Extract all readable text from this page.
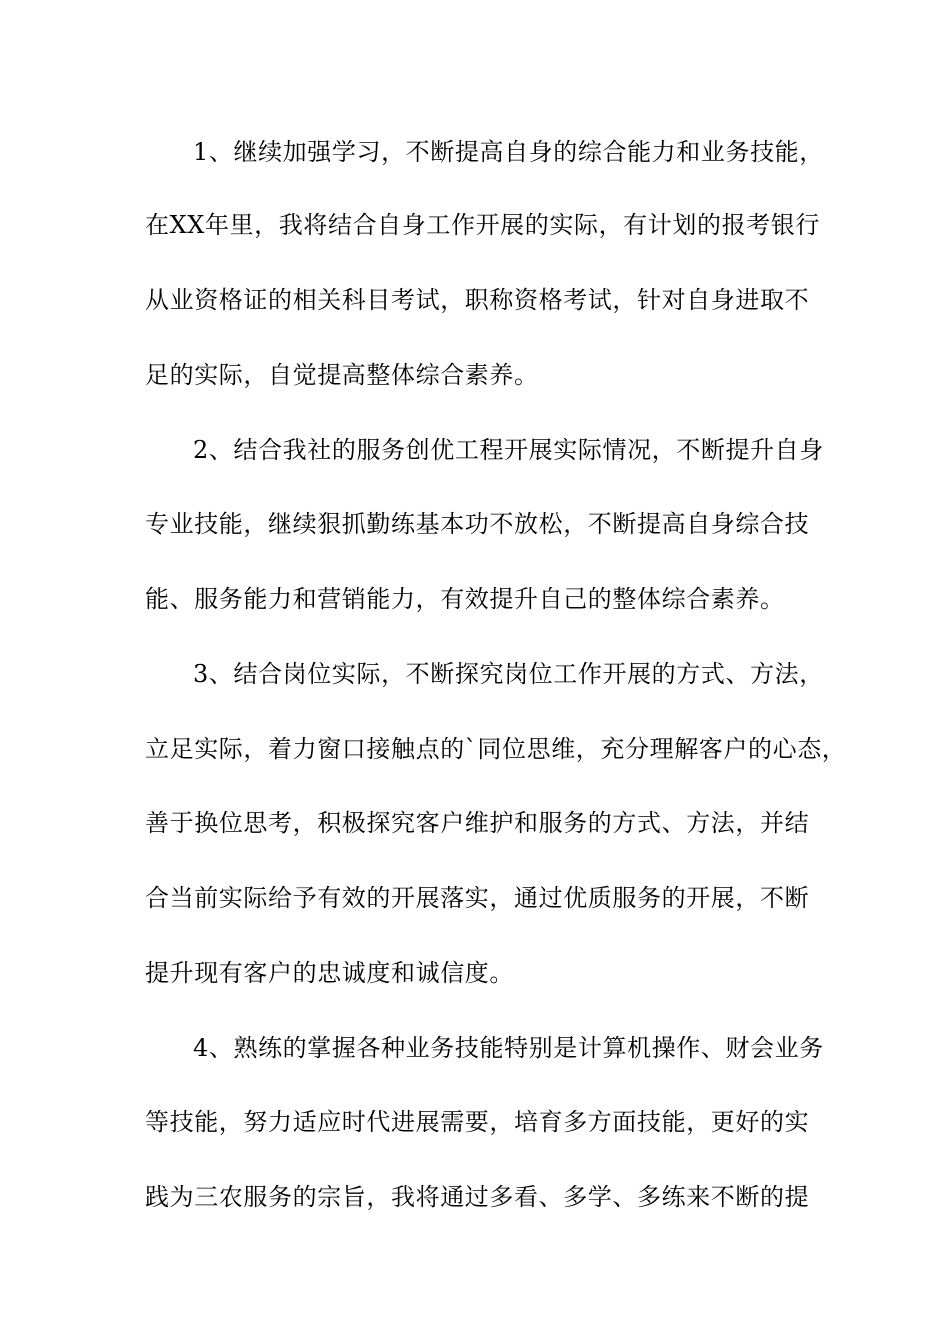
1、继续加强学习，不断提高自身的综合能力和业务技能，
在XX年里，我将结合自身工作开展的实际，有计划的报考银行
从业资格证的相关科目考试，职称资格考试，针对自身进取不
足的实际，自觉提高整体综合素养。
2、结合我社的服务创优工程开展实际情况，不断提升自身
专业技能，继续狠抓勤练基本功不放松，不断提高自身综合技
能、服务能力和营销能力，有效提升自己的整体综合素养。
3、结合岗位实际，不断探究岗位工作开展的方式、方法，
立足实际，着力窗口接触点的`同位思维，充分理解客户的心态，
善于换位思考，积极探究客户维护和服务的方式、方法，并结
合当前实际给予有效的开展落实，通过优质服务的开展，不断
提升现有客户的忠诚度和诚信度。
4、熟练的掌握各种业务技能特别是计算机操作、财会业务
等技能，努力适应时代进展需要，培育多方面技能，更好的实
践为三农服务的宗旨，我将通过多看、多学、多练来不断的提
